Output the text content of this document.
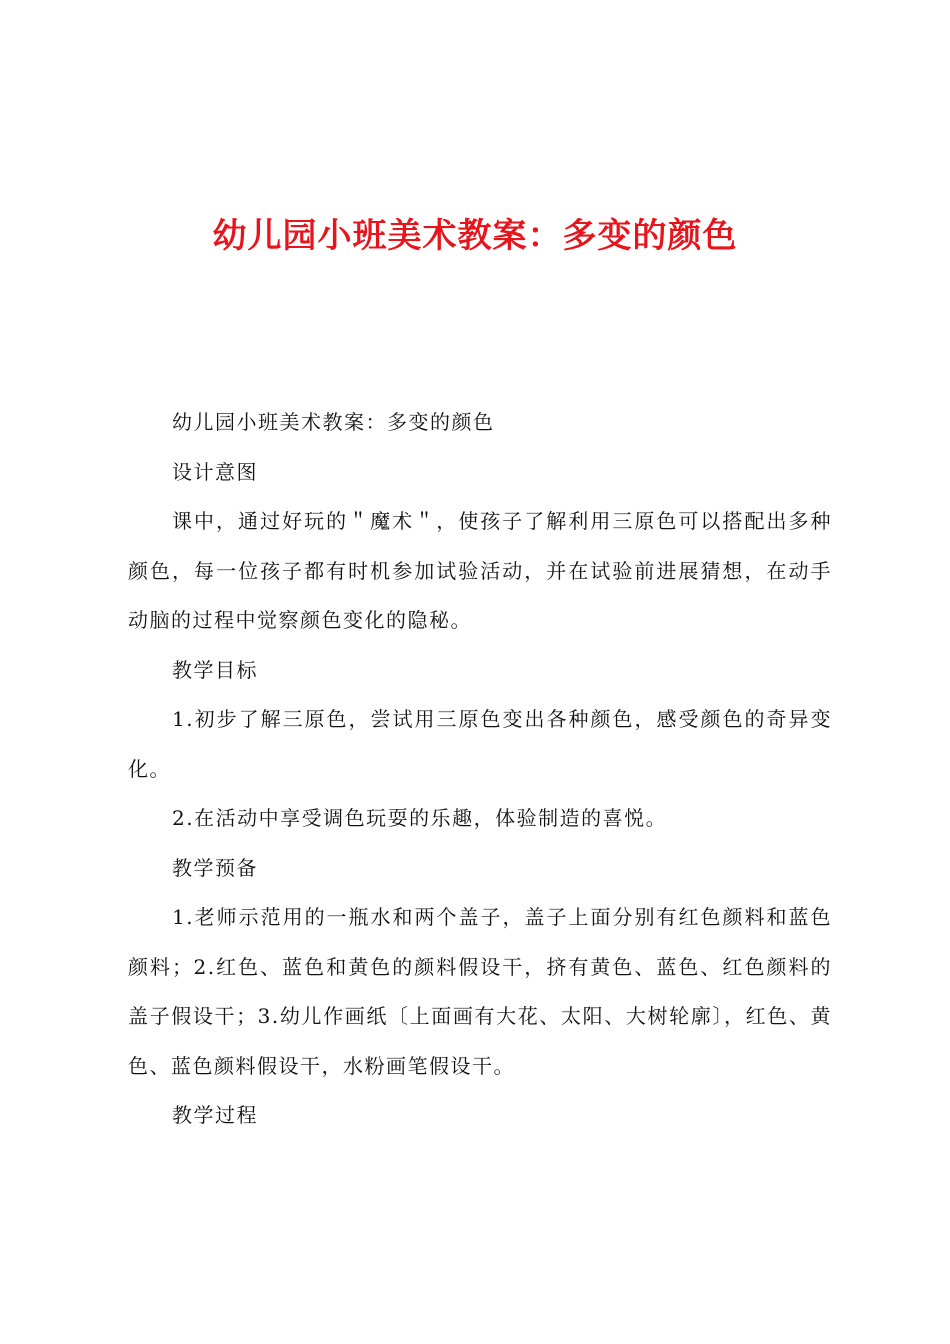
幼儿园小班美术教案：多变的颜色

幼儿园小班美术教案：多变的颜色

设计意图

课中，通过好玩的＂魔术＂，使孩子了解利用三原色可以搭配出多种颜色，每一位孩子都有时机参加试验活动，并在试验前进展猜想，在动手动脑的过程中觉察颜色变化的隐秘。

教学目标

1.初步了解三原色，尝试用三原色变出各种颜色，感受颜色的奇异变化。

2.在活动中享受调色玩耍的乐趣，体验制造的喜悦。

教学预备

1.老师示范用的一瓶水和两个盖子，盖子上面分别有红色颜料和蓝色颜料；2.红色、蓝色和黄色的颜料假设干，挤有黄色、蓝色、红色颜料的盖子假设干；3.幼儿作画纸〔上面画有大花、太阳、大树轮廓〕，红色、黄色、蓝色颜料假设干，水粉画笔假设干。

教学过程
